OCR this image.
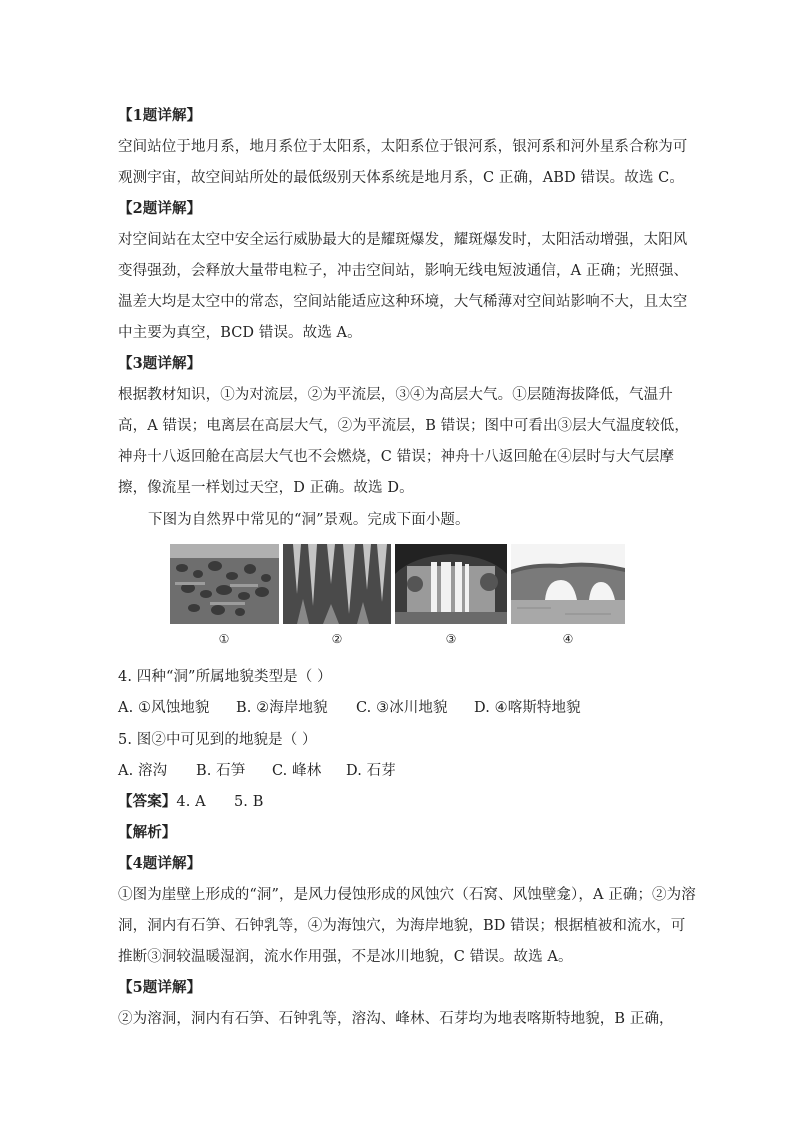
【1题详解】
空间站位于地月系，地月系位于太阳系，太阳系位于银河系，银河系和河外星系合称为可
观测宇宙，故空间站所处的最低级别天体系统是地月系，C 正确，ABD 错误。故选 C。
【2题详解】
对空间站在太空中安全运行威胁最大的是耀斑爆发，耀斑爆发时，太阳活动增强，太阳风
变得强劲，会释放大量带电粒子，冲击空间站，影响无线电短波通信，A 正确；光照强、
温差大均是太空中的常态，空间站能适应这种环境，大气稀薄对空间站影响不大，且太空
中主要为真空，BCD 错误。故选 A。
【3题详解】
根据教材知识，①为对流层，②为平流层，③④为高层大气。①层随海拔降低，气温升
高，A 错误；电离层在高层大气，②为平流层，B 错误；图中可看出③层大气温度较低，
神舟十八返回舱在高层大气也不会燃烧，C 错误；神舟十八返回舱在④层时与大气层摩
擦，像流星一样划过天空，D 正确。故选 D。
下图为自然界中常见的“洞”景观。完成下面小题。
①	②	③	④
4. 四种“洞”所属地貌类型是（ ）
A. ①风蚀地貌 B. ②海岸地貌 C. ③冰川地貌 D. ④喀斯特地貌
5. 图②中可见到的地貌是（ ）
A. 溶沟 B. 石笋 C. 峰林 D. 石芽
【答案】4. A      5. B
【解析】
【4题详解】
①图为崖壁上形成的“洞”，是风力侵蚀形成的风蚀穴（石窝、风蚀壁龛），A 正确；②为溶
洞，洞内有石笋、石钟乳等，④为海蚀穴，为海岸地貌，BD 错误；根据植被和流水，可
推断③洞较温暖湿润，流水作用强，不是冰川地貌，C 错误。故选 A。
【5题详解】
②为溶洞，洞内有石笋、石钟乳等，溶沟、峰林、石芽均为地表喀斯特地貌，B 正确，
